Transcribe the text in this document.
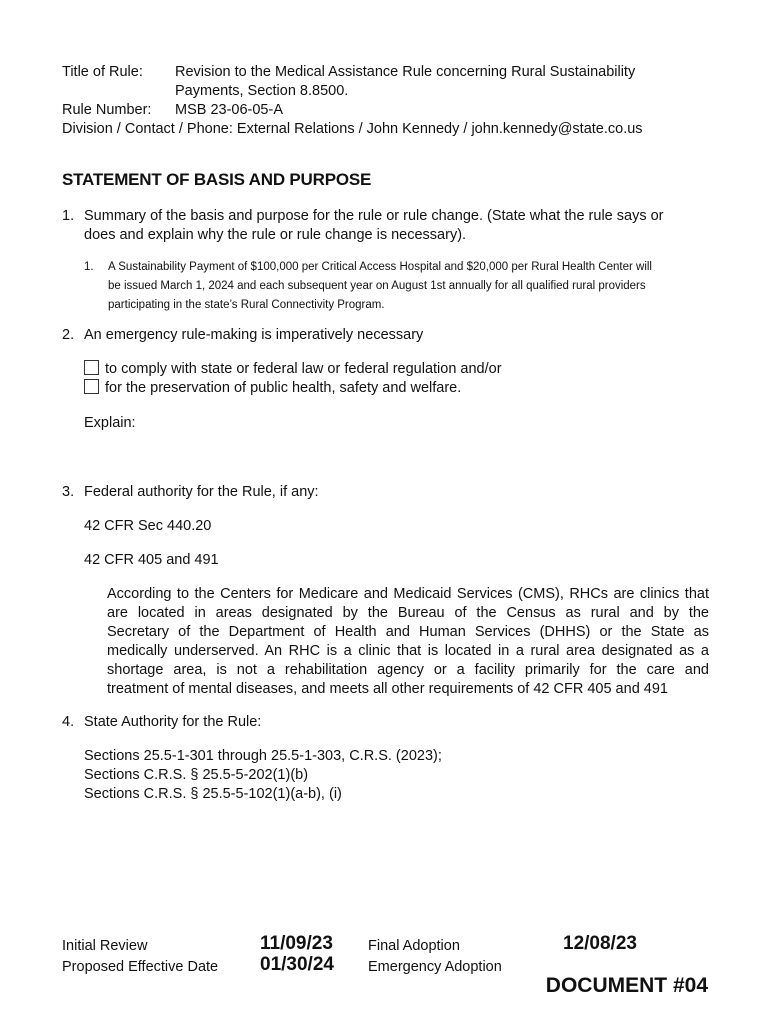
Title of Rule: Revision to the Medical Assistance Rule concerning Rural Sustainability
Payments, Section 8.8500.
Rule Number: MSB 23-06-05-A
Division / Contact / Phone: External Relations / John Kennedy / john.kennedy@state.co.us
STATEMENT OF BASIS AND PURPOSE
1. Summary of the basis and purpose for the rule or rule change. (State what the rule says or
does and explain why the rule or rule change is necessary).
1. A Sustainability Payment of $100,000 per Critical Access Hospital and $20,000 per Rural Health Center will
be issued March 1, 2024 and each subsequent year on August 1st annually for all qualified rural providers
participating in the state’s Rural Connectivity Program.
2. An emergency rule-making is imperatively necessary
to comply with state or federal law or federal regulation and/or
for the preservation of public health, safety and welfare.
Explain:
3. Federal authority for the Rule, if any:
42 CFR Sec 440.20
42 CFR 405 and 491
According to the Centers for Medicare and Medicaid Services (CMS), RHCs are clinics that
are located in areas designated by the Bureau of the Census as rural and by the
Secretary of the Department of Health and Human Services (DHHS) or the State as
medically underserved. An RHC is a clinic that is located in a rural area designated as a
shortage area, is not a rehabilitation agency or a facility primarily for the care and
treatment of mental diseases, and meets all other requirements of 42 CFR 405 and 491
4. State Authority for the Rule:
Sections 25.5-1-301 through 25.5-1-303, C.R.S. (2023);
Sections C.R.S. § 25.5-5-202(1)(b)
Sections C.R.S. § 25.5-5-102(1)(a-b), (i)
Initial Review	11/09/23 Final Adoption	12/08/23
Proposed Effective Date 01/30/24 Emergency Adoption
DOCUMENT #04
